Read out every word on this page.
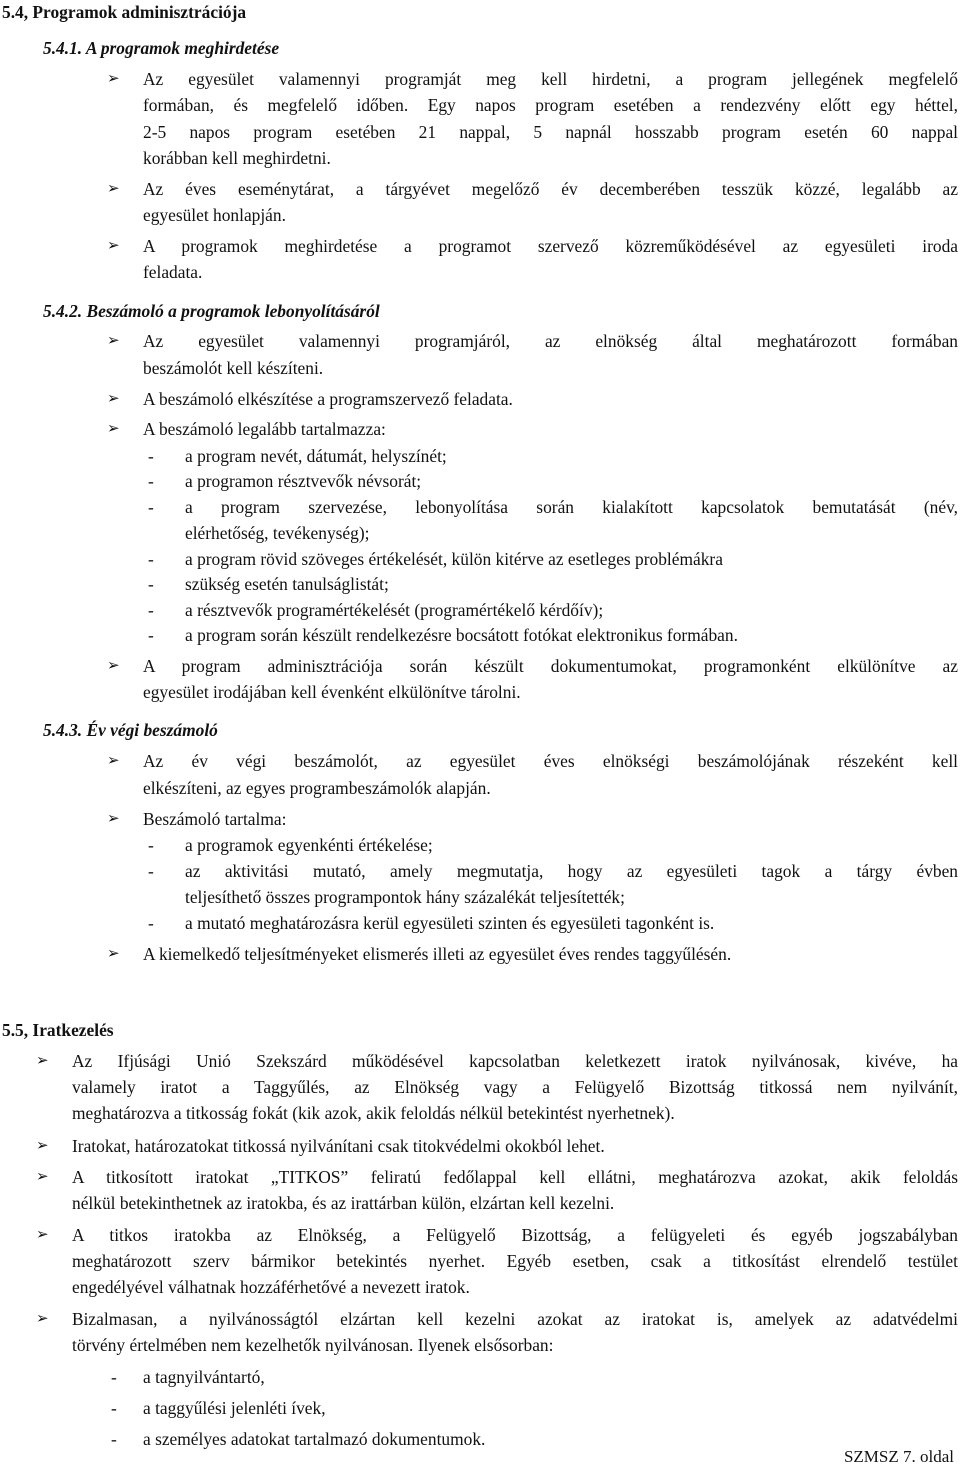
5.4, Programok adminisztrációja
5.4.1. A programok meghirdetése
➢ Az egyesület valamennyi programját meg kell hirdetni, a program jellegének megfelelő
formában, és megfelelő időben. Egy napos program esetében a rendezvény előtt egy héttel,
2-5 napos program esetében 21 nappal, 5 napnál hosszabb program esetén 60 nappal
korábban kell meghirdetni.
➢ Az éves eseménytárat, a tárgyévet megelőző év decemberében tesszük közzé, legalább az
egyesület honlapján.
➢ A programok meghirdetése a programot szervező közreműködésével az egyesületi iroda
feladata.
5.4.2. Beszámoló a programok lebonyolításáról
➢ Az egyesület valamennyi programjáról, az elnökség által meghatározott formában
beszámolót kell készíteni.
➢ A beszámoló elkészítése a programszervező feladata.
➢ A beszámoló legalább tartalmazza:
- a program nevét, dátumát, helyszínét;
- a programon résztvevők névsorát;
- a program szervezése, lebonyolítása során kialakított kapcsolatok bemutatását (név,
elérhetőség, tevékenység);
- a program rövid szöveges értékelését, külön kitérve az esetleges problémákra
- szükség esetén tanulságlistát;
- a résztvevők programértékelését (programértékelő kérdőív);
- a program során készült rendelkezésre bocsátott fotókat elektronikus formában.
➢ A program adminisztrációja során készült dokumentumokat, programonként elkülönítve az
egyesület irodájában kell évenként elkülönítve tárolni.
5.4.3. Év végi beszámoló
➢ Az év végi beszámolót, az egyesület éves elnökségi beszámolójának részeként kell
elkészíteni, az egyes programbeszámolók alapján.
➢ Beszámoló tartalma:
- a programok egyenkénti értékelése;
- az aktivitási mutató, amely megmutatja, hogy az egyesületi tagok a tárgy évben
teljesíthető összes programpontok hány százalékát teljesítették;
- a mutató meghatározásra kerül egyesületi szinten és egyesületi tagonként is.
➢ A kiemelkedő teljesítményeket elismerés illeti az egyesület éves rendes taggyűlésén.
5.5, Iratkezelés
➢ Az Ifjúsági Unió Szekszárd működésével kapcsolatban keletkezett iratok nyilvánosak, kivéve, ha
valamely iratot a Taggyűlés, az Elnökség vagy a Felügyelő Bizottság titkossá nem nyilvánít,
meghatározva a titkosság fokát (kik azok, akik feloldás nélkül betekintést nyerhetnek).
➢ Iratokat, határozatokat titkossá nyilvánítani csak titokvédelmi okokból lehet.
➢ A titkosított iratokat „TITKOS” feliratú fedőlappal kell ellátni, meghatározva azokat, akik feloldás
nélkül betekinthetnek az iratokba, és az irattárban külön, elzártan kell kezelni.
➢ A titkos iratokba az Elnökség, a Felügyelő Bizottság, a felügyeleti és egyéb jogszabályban
meghatározott szerv bármikor betekintés nyerhet. Egyéb esetben, csak a titkosítást elrendelő testület
engedélyével válhatnak hozzáférhetővé a nevezett iratok.
➢ Bizalmasan, a nyilvánosságtól elzártan kell kezelni azokat az iratokat is, amelyek az adatvédelmi
törvény értelmében nem kezelhetők nyilvánosan. Ilyenek elsősorban:
- a tagnyilvántartó,
- a taggyűlési jelenléti ívek,
- a személyes adatokat tartalmazó dokumentumok.
SZMSZ 7. oldal
